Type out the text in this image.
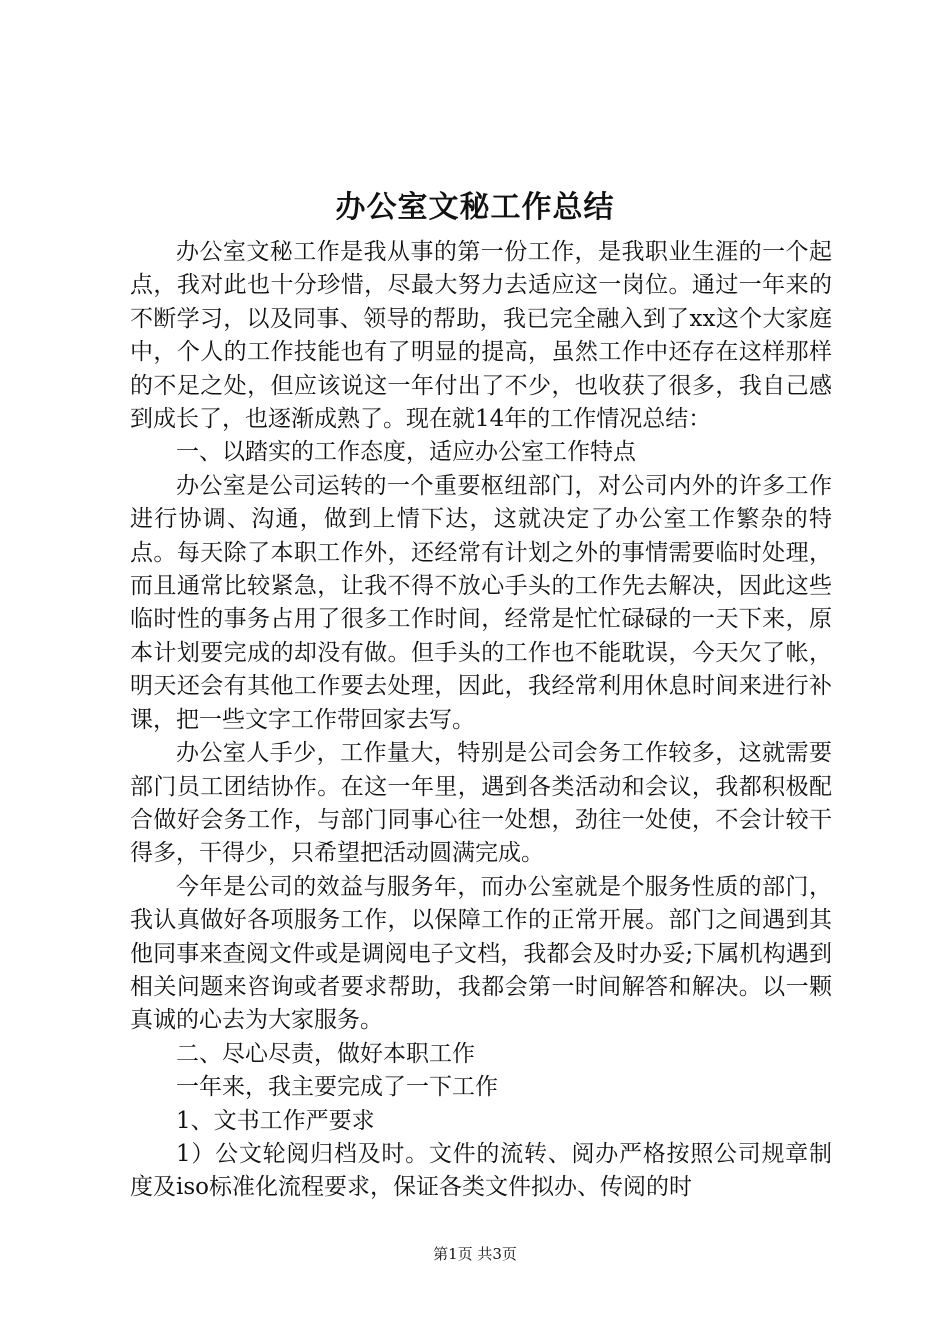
办公室文秘工作总结

办公室文秘工作是我从事的第一份工作，是我职业生涯的一个起点，我对此也十分珍惜，尽最大努力去适应这一岗位。通过一年来的不断学习，以及同事、领导的帮助，我已完全融入到了xx这个大家庭中，个人的工作技能也有了明显的提高，虽然工作中还存在这样那样的不足之处，但应该说这一年付出了不少，也收获了很多，我自己感到成长了，也逐渐成熟了。现在就14年的工作情况总结：

一、以踏实的工作态度，适应办公室工作特点

办公室是公司运转的一个重要枢纽部门，对公司内外的许多工作进行协调、沟通，做到上情下达，这就决定了办公室工作繁杂的特点。每天除了本职工作外，还经常有计划之外的事情需要临时处理，而且通常比较紧急，让我不得不放心手头的工作先去解决，因此这些临时性的事务占用了很多工作时间，经常是忙忙碌碌的一天下来，原本计划要完成的却没有做。但手头的工作也不能耽误，今天欠了帐，明天还会有其他工作要去处理，因此，我经常利用休息时间来进行补课，把一些文字工作带回家去写。

办公室人手少，工作量大，特别是公司会务工作较多，这就需要部门员工团结协作。在这一年里，遇到各类活动和会议，我都积极配合做好会务工作，与部门同事心往一处想，劲往一处使，不会计较干得多，干得少，只希望把活动圆满完成。

今年是公司的效益与服务年，而办公室就是个服务性质的部门，我认真做好各项服务工作，以保障工作的正常开展。部门之间遇到其他同事来查阅文件或是调阅电子文档，我都会及时办妥;下属机构遇到相关问题来咨询或者要求帮助，我都会第一时间解答和解决。以一颗真诚的心去为大家服务。

二、尽心尽责，做好本职工作

一年来，我主要完成了一下工作

1、文书工作严要求

1）公文轮阅归档及时。文件的流转、阅办严格按照公司规章制度及iso标准化流程要求，保证各类文件拟办、传阅的时

第1页 共3页
